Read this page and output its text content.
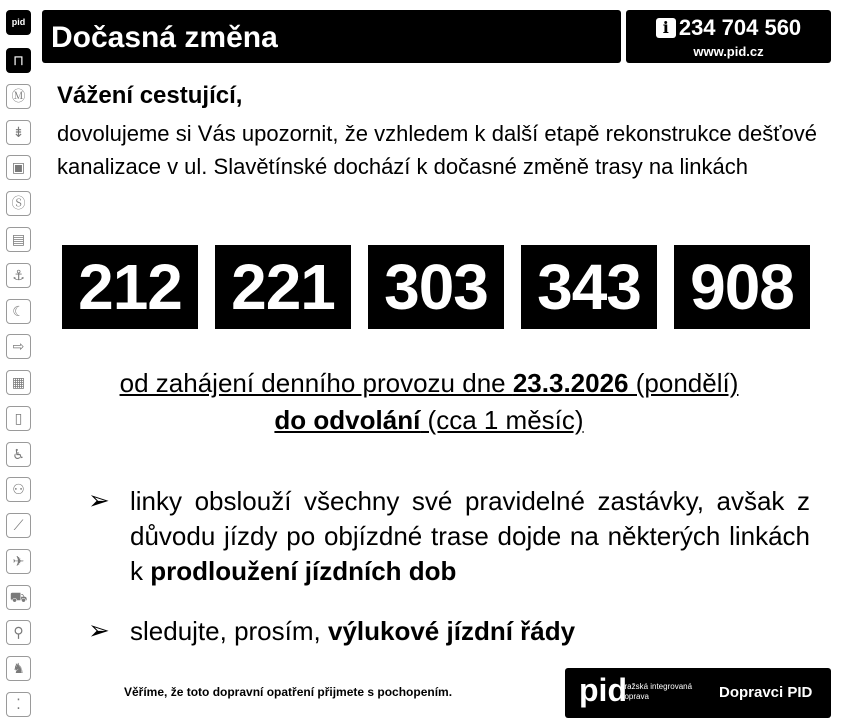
pid
⊓
Ⓜ
⇟
▣
Ⓢ
▤
⚓
☾
⇨
▦
▯
♿
⚇
⟋
✈
⛟
⚲
♞
⁚
Dočasná změna	i 234 704 560
www.pid.cz
Vážení cestující,
dovolujeme si Vás upozornit, že vzhledem k další etapě rekonstrukce dešťové kanalizace v ul. Slavětínské dochází k dočasné změně trasy na linkách
212 221 303 343 908
od zahájení denního provozu dne 23.3.2026 (pondělí)
do odvolání (cca 1 měsíc)
➢ linky obslouží všechny své pravidelné zastávky, avšak z důvodu jízdy po objízdné trase dojde na některých linkách k prodloužení jízdních dob
➢ sledujte, prosím, výlukové jízdní řády
Věříme, že toto dopravní opatření přijmete s pochopením.	pid
pražská integrovaná
doprava	Dopravci PID
